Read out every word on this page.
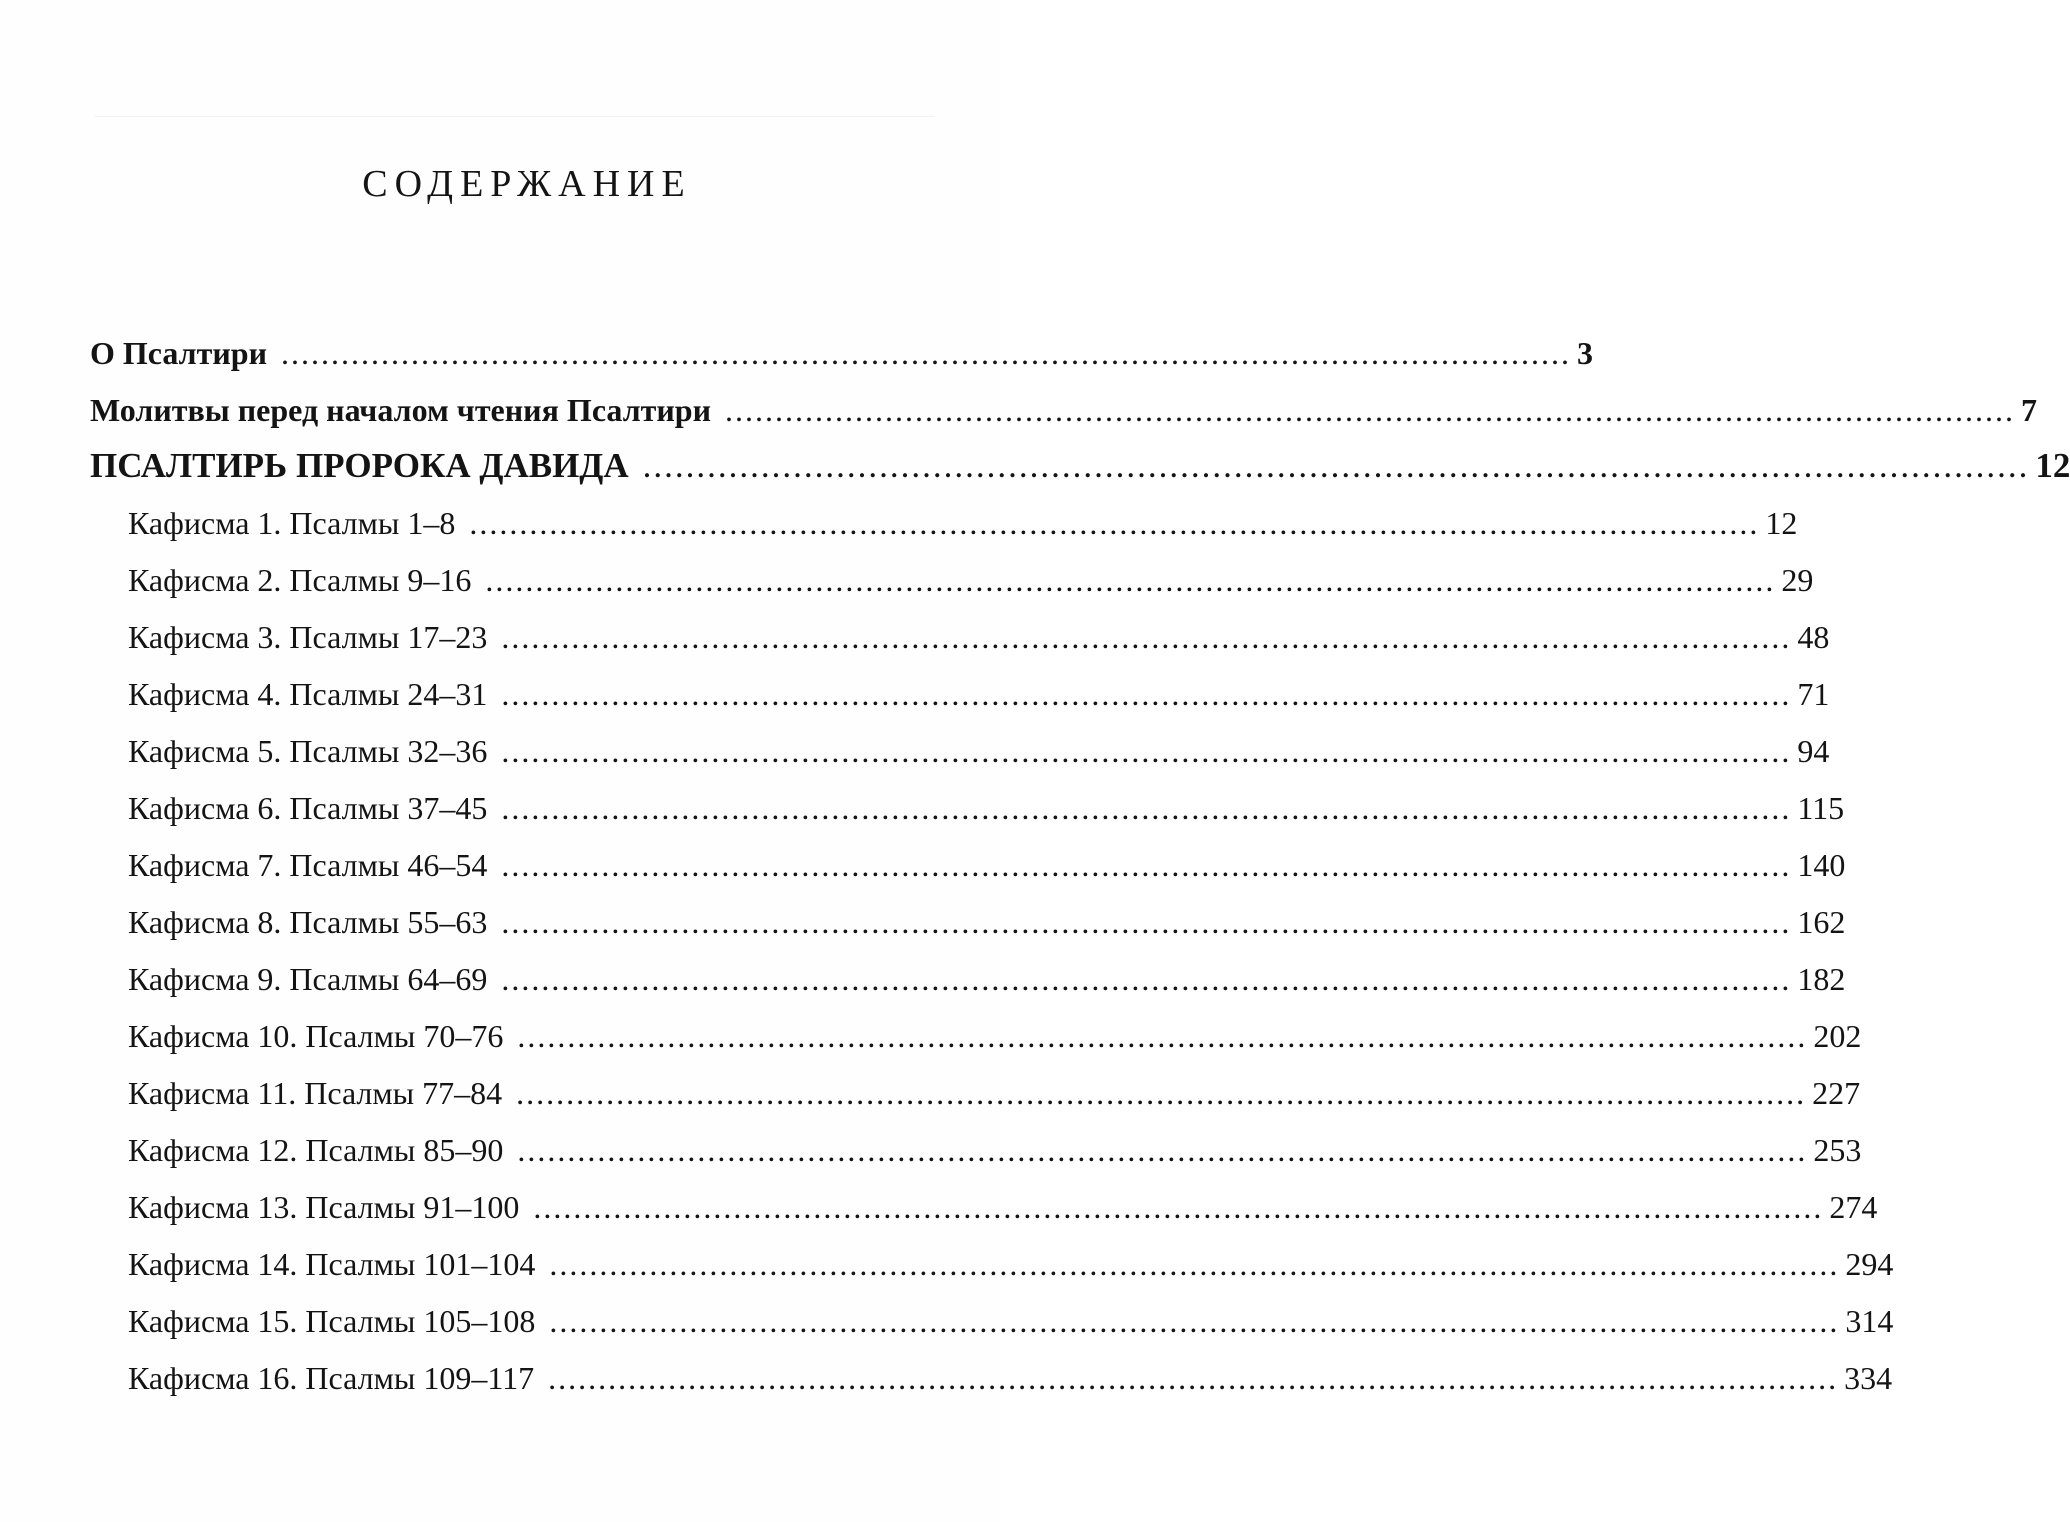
СОДЕРЖАНИЕ
О Псалтири ................................................................................................................................. 3
Молитвы перед началом чтения Псалтири ................................................................................................................................. 7
ПСАЛТИРЬ ПРОРОКА ДАВИДА ................................................................................................................................. 12
Кафисма 1. Псалмы 1–8 ................................................................................................................................. 12
Кафисма 2. Псалмы 9–16 ................................................................................................................................. 29
Кафисма 3. Псалмы 17–23 ................................................................................................................................. 48
Кафисма 4. Псалмы 24–31 ................................................................................................................................. 71
Кафисма 5. Псалмы 32–36 ................................................................................................................................. 94
Кафисма 6. Псалмы 37–45 ................................................................................................................................. 115
Кафисма 7. Псалмы 46–54 ................................................................................................................................. 140
Кафисма 8. Псалмы 55–63 ................................................................................................................................. 162
Кафисма 9. Псалмы 64–69 ................................................................................................................................. 182
Кафисма 10. Псалмы 70–76 ................................................................................................................................. 202
Кафисма 11. Псалмы 77–84 ................................................................................................................................. 227
Кафисма 12. Псалмы 85–90 ................................................................................................................................. 253
Кафисма 13. Псалмы 91–100 ................................................................................................................................. 274
Кафисма 14. Псалмы 101–104 ................................................................................................................................. 294
Кафисма 15. Псалмы 105–108 ................................................................................................................................. 314
Кафисма 16. Псалмы 109–117 ................................................................................................................................. 334
